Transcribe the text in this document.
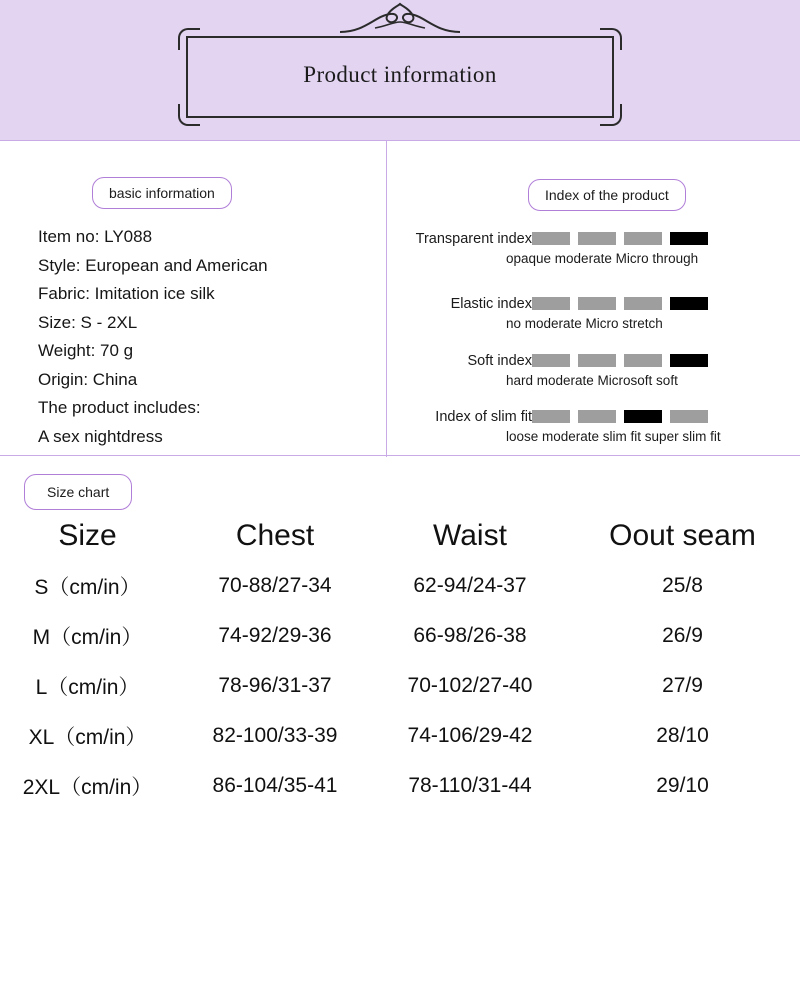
Product information
basic information
Item no: LY088
Style: European and American
Fabric: Imitation ice silk
Size: S - 2XL
Weight: 70 g
Origin: China
The product includes:
A sex nightdress
Index of the product
Transparent index
opaque moderate Micro through
Elastic index
no moderate Micro stretch
Soft index
hard moderate Microsoft soft
Index of slim fit
loose moderate slim fit super slim fit
Size chart
Size	Chest	Waist	Oout seam
S（cm/in）	70-88/27-34	62-94/24-37	25/8
M（cm/in）	74-92/29-36	66-98/26-38	26/9
L（cm/in）	78-96/31-37	70-102/27-40	27/9
XL（cm/in）	82-100/33-39	74-106/29-42	28/10
2XL（cm/in）	86-104/35-41	78-110/31-44	29/10
